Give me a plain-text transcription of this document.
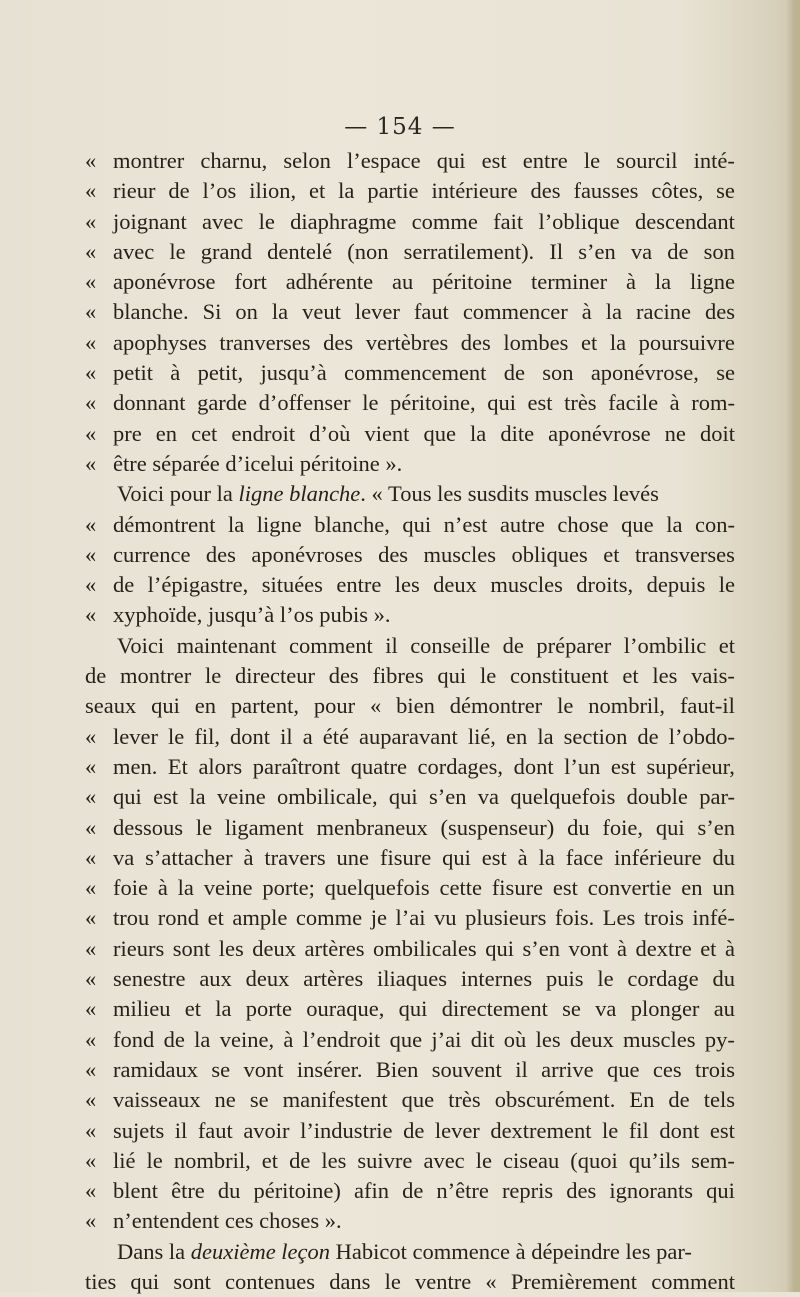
— 154 —
« montrer charnu, selon l’espace qui est entre le sourcil inté-
« rieur de l’os ilion, et la partie intérieure des fausses côtes, se
« joignant avec le diaphragme comme fait l’oblique descendant
« avec le grand dentelé (non serratilement). Il s’en va de son
« aponévrose fort adhérente au péritoine terminer à la ligne
« blanche. Si on la veut lever faut commencer à la racine des
« apophyses tranverses des vertèbres des lombes et la poursuivre
« petit à petit, jusqu’à commencement de son aponévrose, se
« donnant garde d’offenser le péritoine, qui est très facile à rom-
« pre en cet endroit d’où vient que la dite aponévrose ne doit
« être séparée d’icelui péritoine ».
Voici pour la ligne blanche. « Tous les susdits muscles levés
« démontrent la ligne blanche, qui n’est autre chose que la con-
« currence des aponévroses des muscles obliques et transverses
« de l’épigastre, situées entre les deux muscles droits, depuis le
« xyphoïde, jusqu’à l’os pubis ».
Voici maintenant comment il conseille de préparer l’ombilic et
de montrer le directeur des fibres qui le constituent et les vais-
seaux qui en partent, pour « bien démontrer le nombril, faut-il
« lever le fil, dont il a été auparavant lié, en la section de l’obdo-
« men. Et alors paraîtront quatre cordages, dont l’un est supérieur,
« qui est la veine ombilicale, qui s’en va quelquefois double par-
« dessous le ligament menbraneux (suspenseur) du foie, qui s’en
« va s’attacher à travers une fisure qui est à la face inférieure du
« foie à la veine porte; quelquefois cette fisure est convertie en un
« trou rond et ample comme je l’ai vu plusieurs fois. Les trois infé-
« rieurs sont les deux artères ombilicales qui s’en vont à dextre et à
« senestre aux deux artères iliaques internes puis le cordage du
« milieu et la porte ouraque, qui directement se va plonger au
« fond de la veine, à l’endroit que j’ai dit où les deux muscles py-
« ramidaux se vont insérer. Bien souvent il arrive que ces trois
« vaisseaux ne se manifestent que très obscurément. En de tels
« sujets il faut avoir l’industrie de lever dextrement le fil dont est
« lié le nombril, et de les suivre avec le ciseau (quoi qu’ils sem-
« blent être du péritoine) afin de n’être repris des ignorants qui
« n’entendent ces choses ».
Dans la deuxième leçon Habicot commence à dépeindre les par-
ties qui sont contenues dans le ventre « Premièrement comment
